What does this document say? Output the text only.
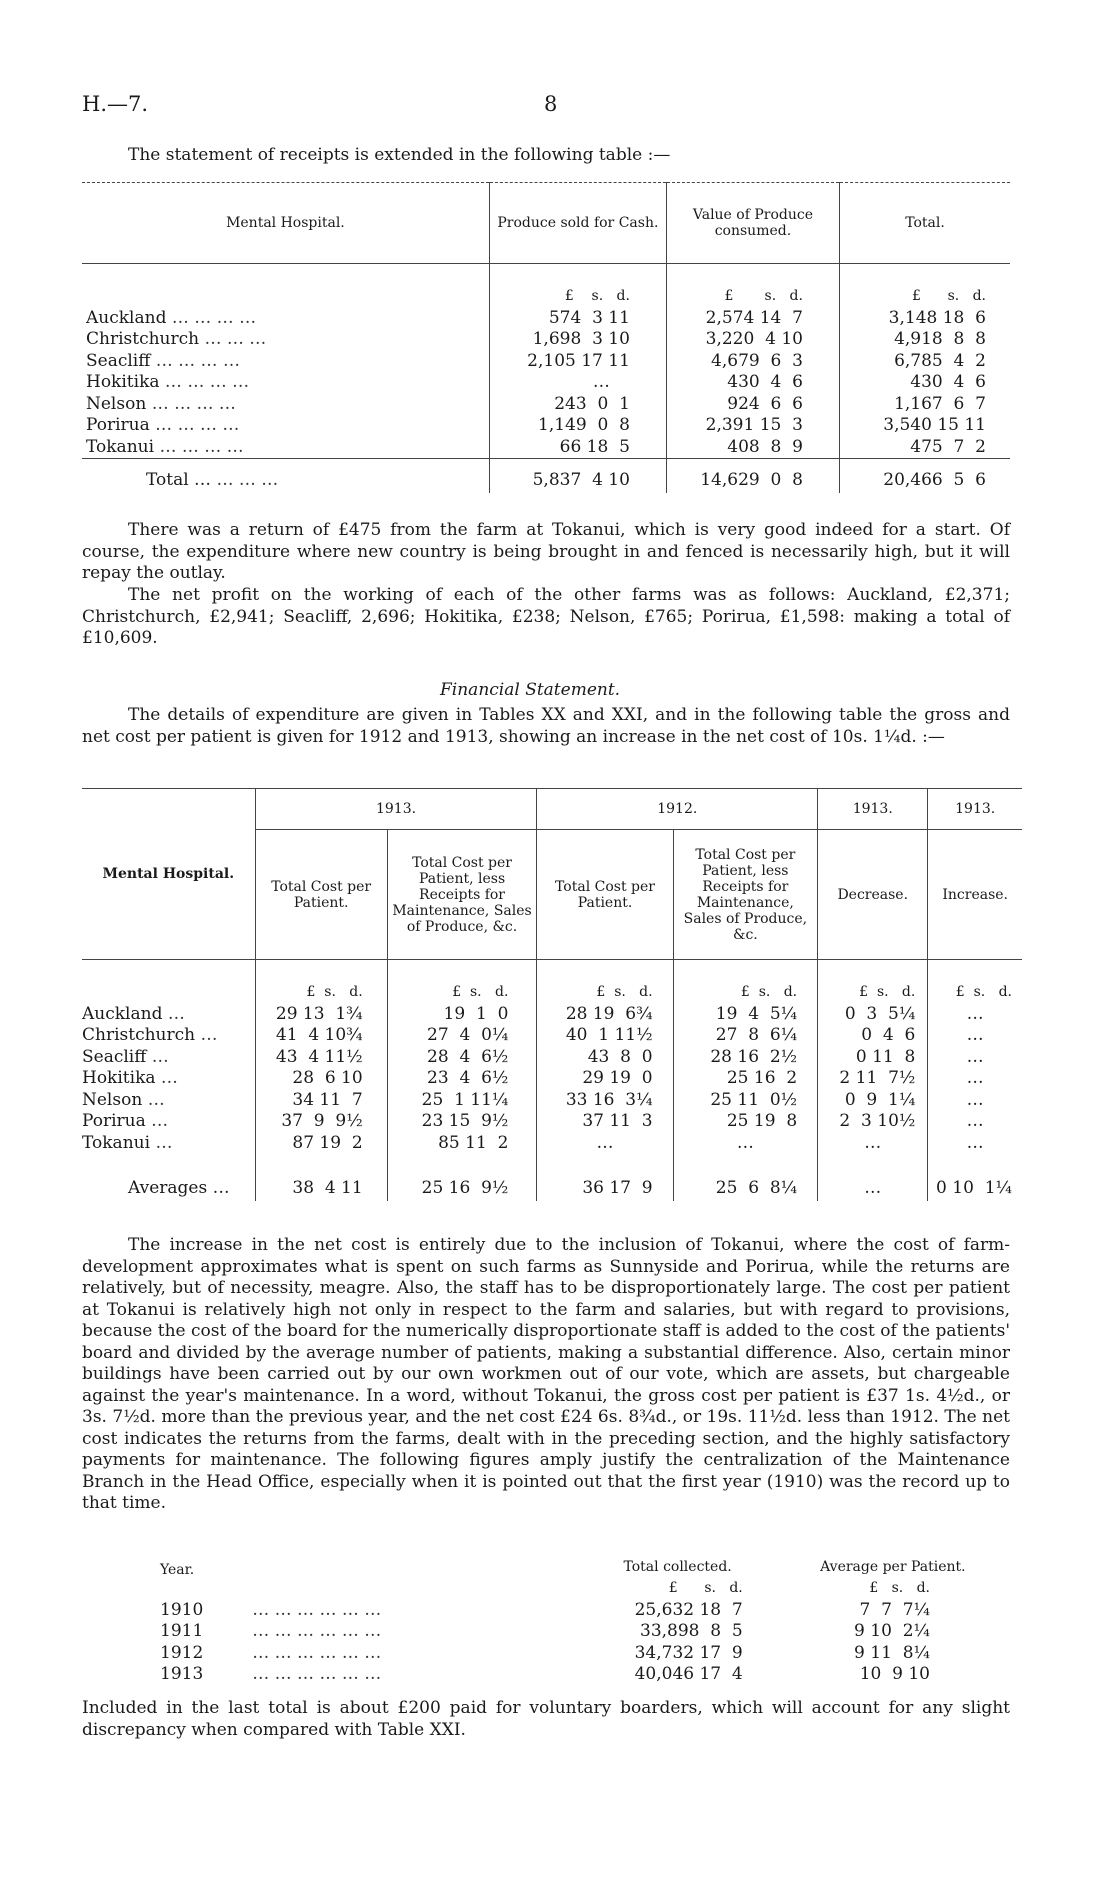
H.—7.	8
The statement of receipts is extended in the following table :—
Mental Hospital.	Produce sold for Cash.	Value of Produce consumed.	Total.

	£    s.   d.	£       s.   d.	£      s.   d.
Auckland … … … …	574  3 11	2,574 14  7	3,148 18  6
Christchurch … … …	1,698  3 10	3,220  4 10	4,918  8  8
Seacliff … … … …	2,105 17 11	4,679  6  3	6,785  4  2
Hokitika … … … …	…	430  4  6	430  4  6
Nelson … … … …	243  0  1	924  6  6	1,167  6  7
Porirua … … … …	1,149  0  8	2,391 15  3	3,540 15 11
Tokanui … … … …	66 18  5	408  8  9	475  7  2
Total … … … …	5,837  4 10	14,629  0  8	20,466  5  6
There was a return of £475 from the farm at Tokanui, which is very good indeed for a start. Of course, the expenditure where new country is being brought in and fenced is necessarily high, but it will repay the outlay.
The net profit on the working of each of the other farms was as follows: Auckland, £2,371; Christchurch, £2,941; Seacliff, 2,696; Hokitika, £238; Nelson, £765; Porirua, £1,598: making a total of £10,609.
Financial Statement.
The details of expenditure are given in Tables XX and XXI, and in the following table the gross and net cost per patient is given for 1912 and 1913, showing an increase in the net cost of 10s. 1¼d. :—
Mental Hospital.	1913.		1912.		1913.	1913.
	Total Cost per Patient.	Total Cost per Patient, less Receipts for Maintenance, Sales of Produce, &c.	Total Cost per Patient.	Total Cost per Patient, less Receipts for Maintenance, Sales of Produce, &c.	Decrease.	Increase.

	£  s.   d.	£  s.   d.	£  s.   d.	£  s.   d.	£  s.   d.	£  s.   d.
Auckland …	29 13  1¾	19  1  0	28 19  6¾	19  4  5¼	0  3  5¼	…
Christchurch …	41  4 10¾	27  4  0¼	40  1 11½	27  8  6¼	0  4  6	…
Seacliff …	43  4 11½	28  4  6½	43  8  0	28 16  2½	0 11  8	…
Hokitika …	28  6 10	23  4  6½	29 19  0	25 16  2	2 11  7½	…
Nelson …	34 11  7	25  1 11¼	33 16  3¼	25 11  0½	0  9  1¼	…
Porirua …	37  9  9½	23 15  9½	37 11  3	25 19  8	2  3 10½	…
Tokanui …	87 19  2	85 11  2	…	…	…	…

Averages …	38  4 11	25 16  9½	36 17  9	25  6  8¼	…	0 10  1¼
The increase in the net cost is entirely due to the inclusion of Tokanui, where the cost of farm-development approximates what is spent on such farms as Sunnyside and Porirua, while the returns are relatively, but of necessity, meagre. Also, the staff has to be disproportionately large. The cost per patient at Tokanui is relatively high not only in respect to the farm and salaries, but with regard to provisions, because the cost of the board for the numerically disproportionate staff is added to the cost of the patients' board and divided by the average number of patients, making a substantial difference. Also, certain minor buildings have been carried out by our own workmen out of our vote, which are assets, but chargeable against the year's maintenance. In a word, without Tokanui, the gross cost per patient is £37 1s. 4½d., or 3s. 7½d. more than the previous year, and the net cost £24 6s. 8¾d., or 19s. 11½d. less than 1912. The net cost indicates the returns from the farms, dealt with in the preceding section, and the highly satisfactory payments for maintenance. The following figures amply justify the centralization of the Maintenance Branch in the Head Office, especially when it is pointed out that the first year (1910) was the record up to that time.
Year.		Total collected.		Average per Patient.
		£      s.   d.		£   s.   d.
1910	… … … … … …	25,632 18  7		7  7  7¼
1911	… … … … … …	33,898  8  5		9 10  2¼
1912	… … … … … …	34,732 17  9		9 11  8¼
1913	… … … … … …	40,046 17  4		10  9 10
Included in the last total is about £200 paid for voluntary boarders, which will account for any slight discrepancy when compared with Table XXI.
